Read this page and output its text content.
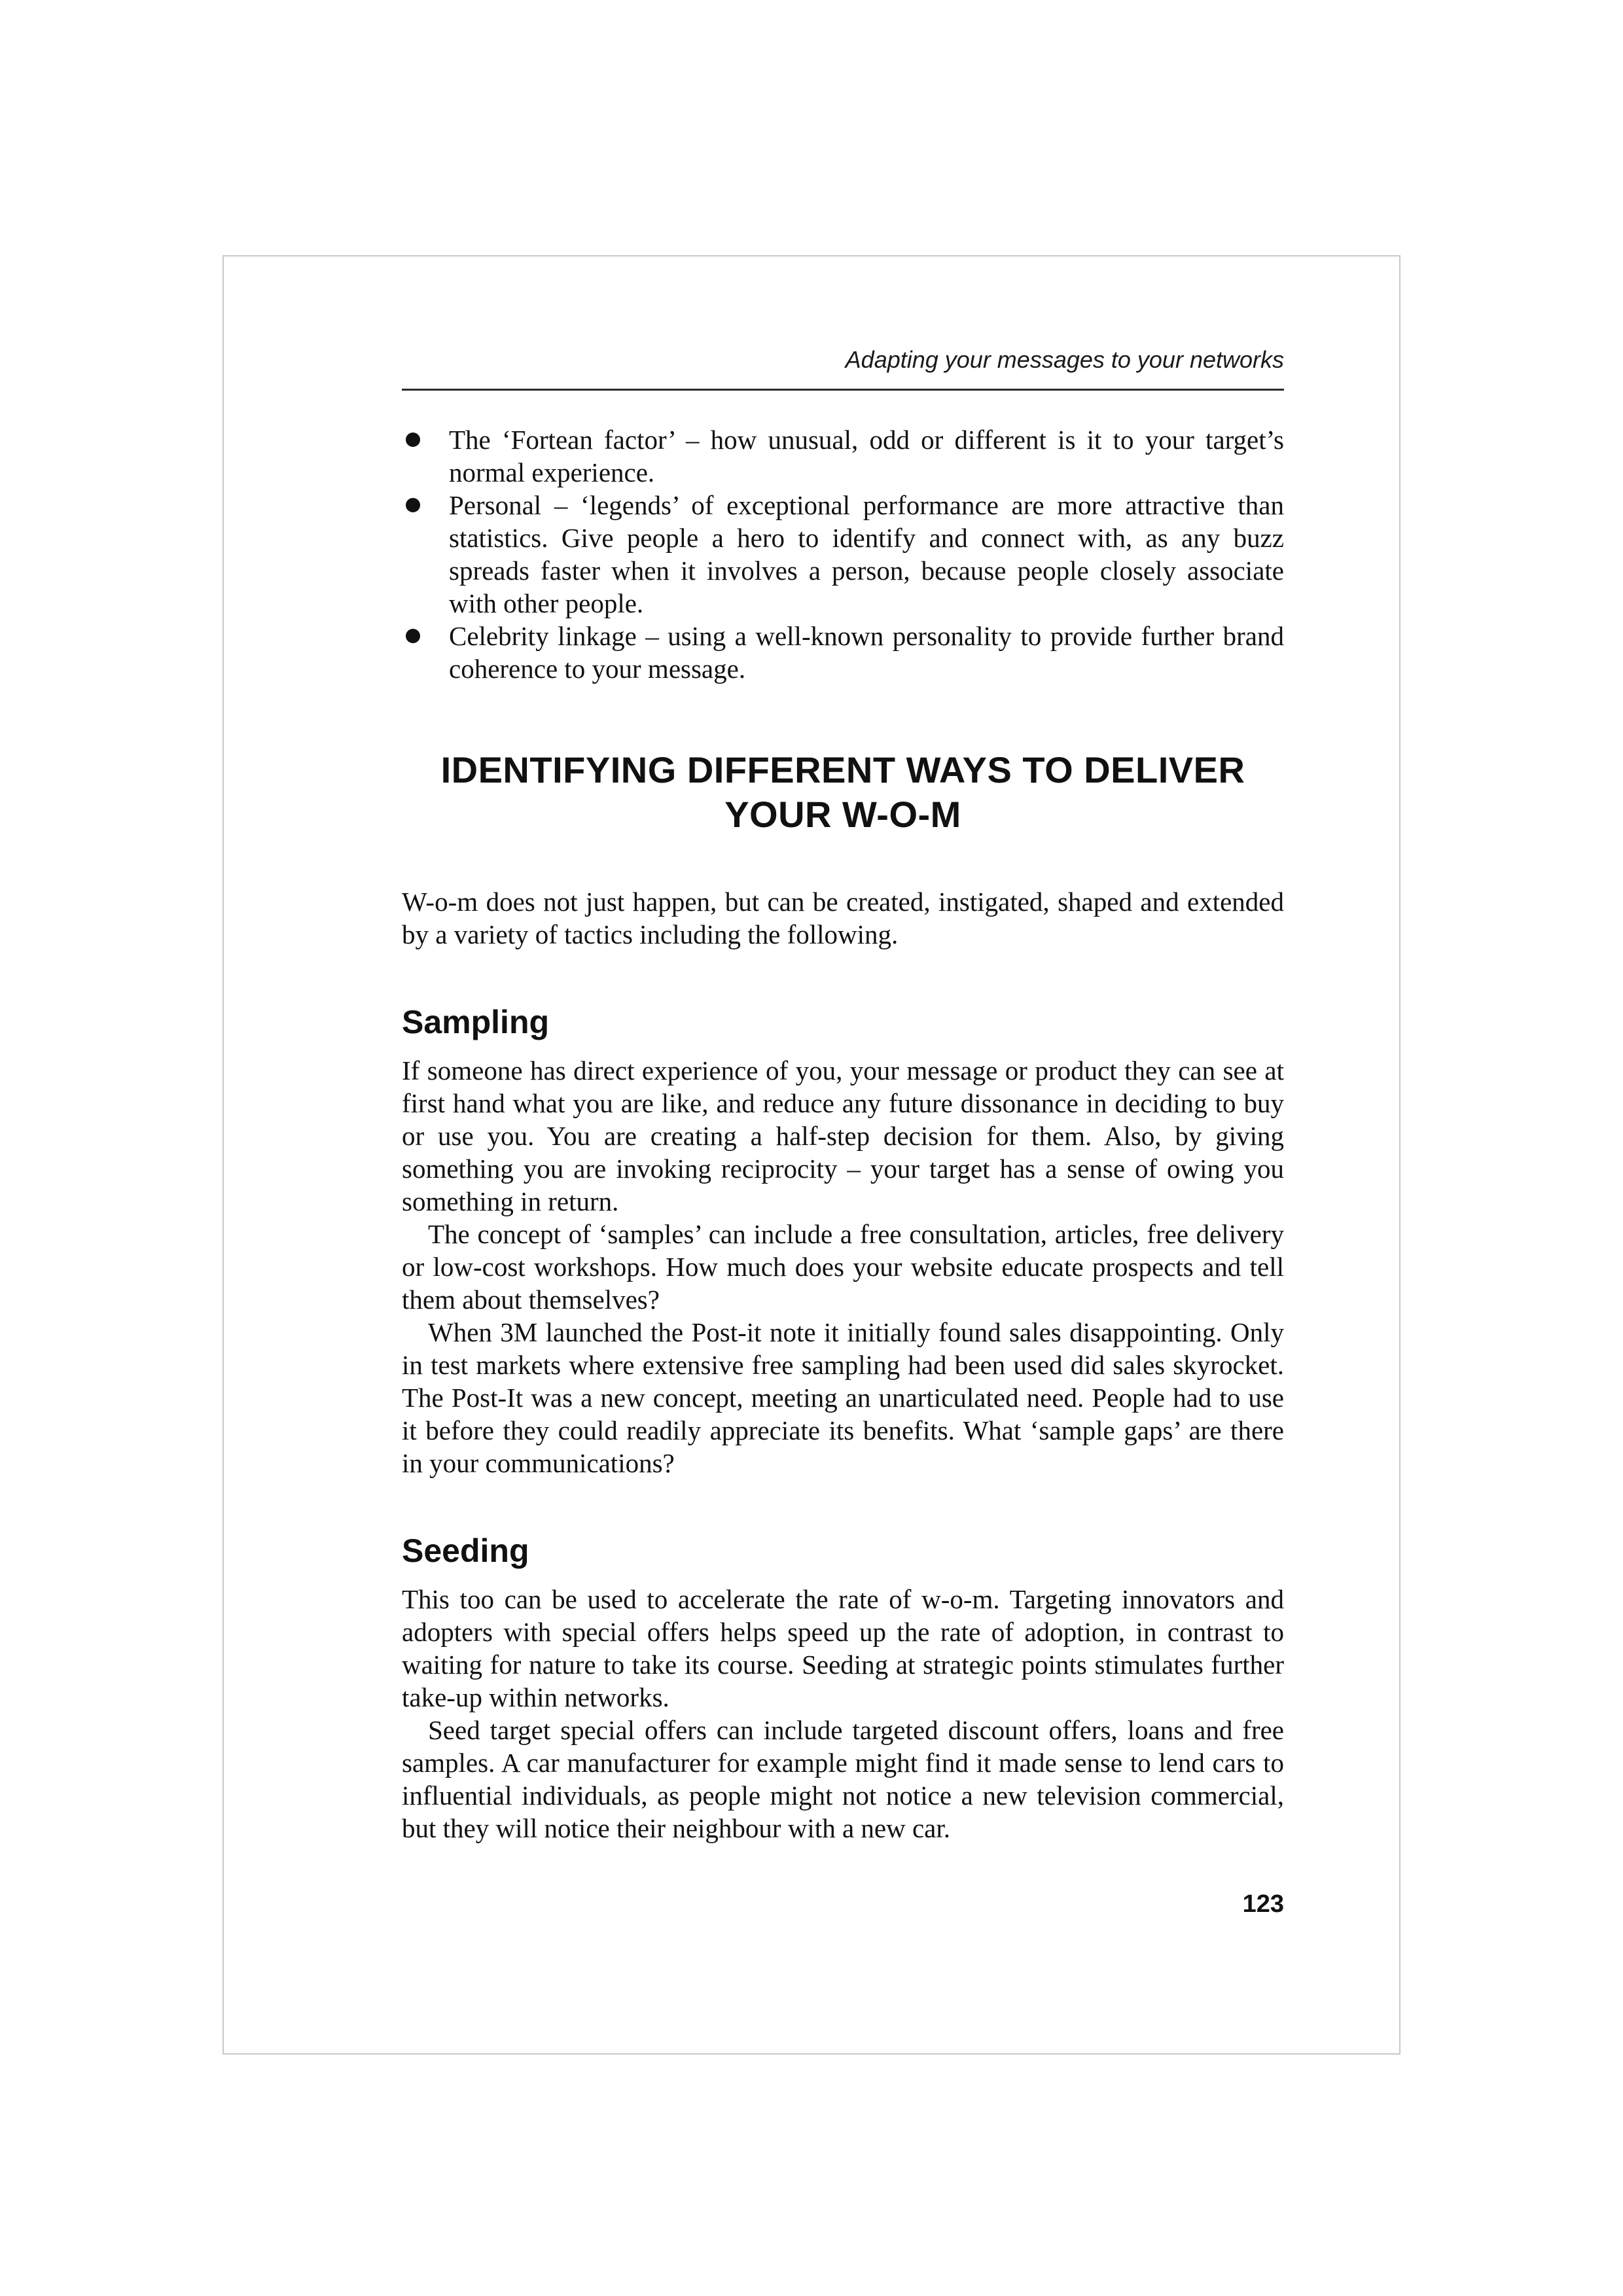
Adapting your messages to your networks
The ‘Fortean factor’ – how unusual, odd or different is it to your target’s normal experience.
Personal – ‘legends’ of exceptional performance are more attractive than statistics. Give people a hero to identify and connect with, as any buzz spreads faster when it involves a person, because people closely associate with other people.
Celebrity linkage – using a well-known personality to provide further brand coherence to your message.
IDENTIFYING DIFFERENT WAYS TO DELIVER
YOUR W-O-M

W-o-m does not just happen, but can be created, instigated, shaped and extended by a variety of tactics including the following.

Sampling

If someone has direct experience of you, your message or product they can see at first hand what you are like, and reduce any future dissonance in deciding to buy or use you. You are creating a half-step decision for them. Also, by giving something you are invoking reciprocity – your target has a sense of owing you something in return.

The concept of ‘samples’ can include a free consultation, articles, free delivery or low-cost workshops. How much does your website educate prospects and tell them about themselves?

When 3M launched the Post-it note it initially found sales disappointing. Only in test markets where extensive free sampling had been used did sales skyrocket. The Post-It was a new concept, meeting an unarticulated need. People had to use it before they could readily appreciate its benefits. What ‘sample gaps’ are there in your communications?

Seeding

This too can be used to accelerate the rate of w-o-m. Targeting innovators and adopters with special offers helps speed up the rate of adoption, in contrast to waiting for nature to take its course. Seeding at strategic points stimulates further take-up within networks.

Seed target special offers can include targeted discount offers, loans and free samples. A car manufacturer for example might find it made sense to lend cars to influential individuals, as people might not notice a new television commercial, but they will notice their neighbour with a new car.

123
